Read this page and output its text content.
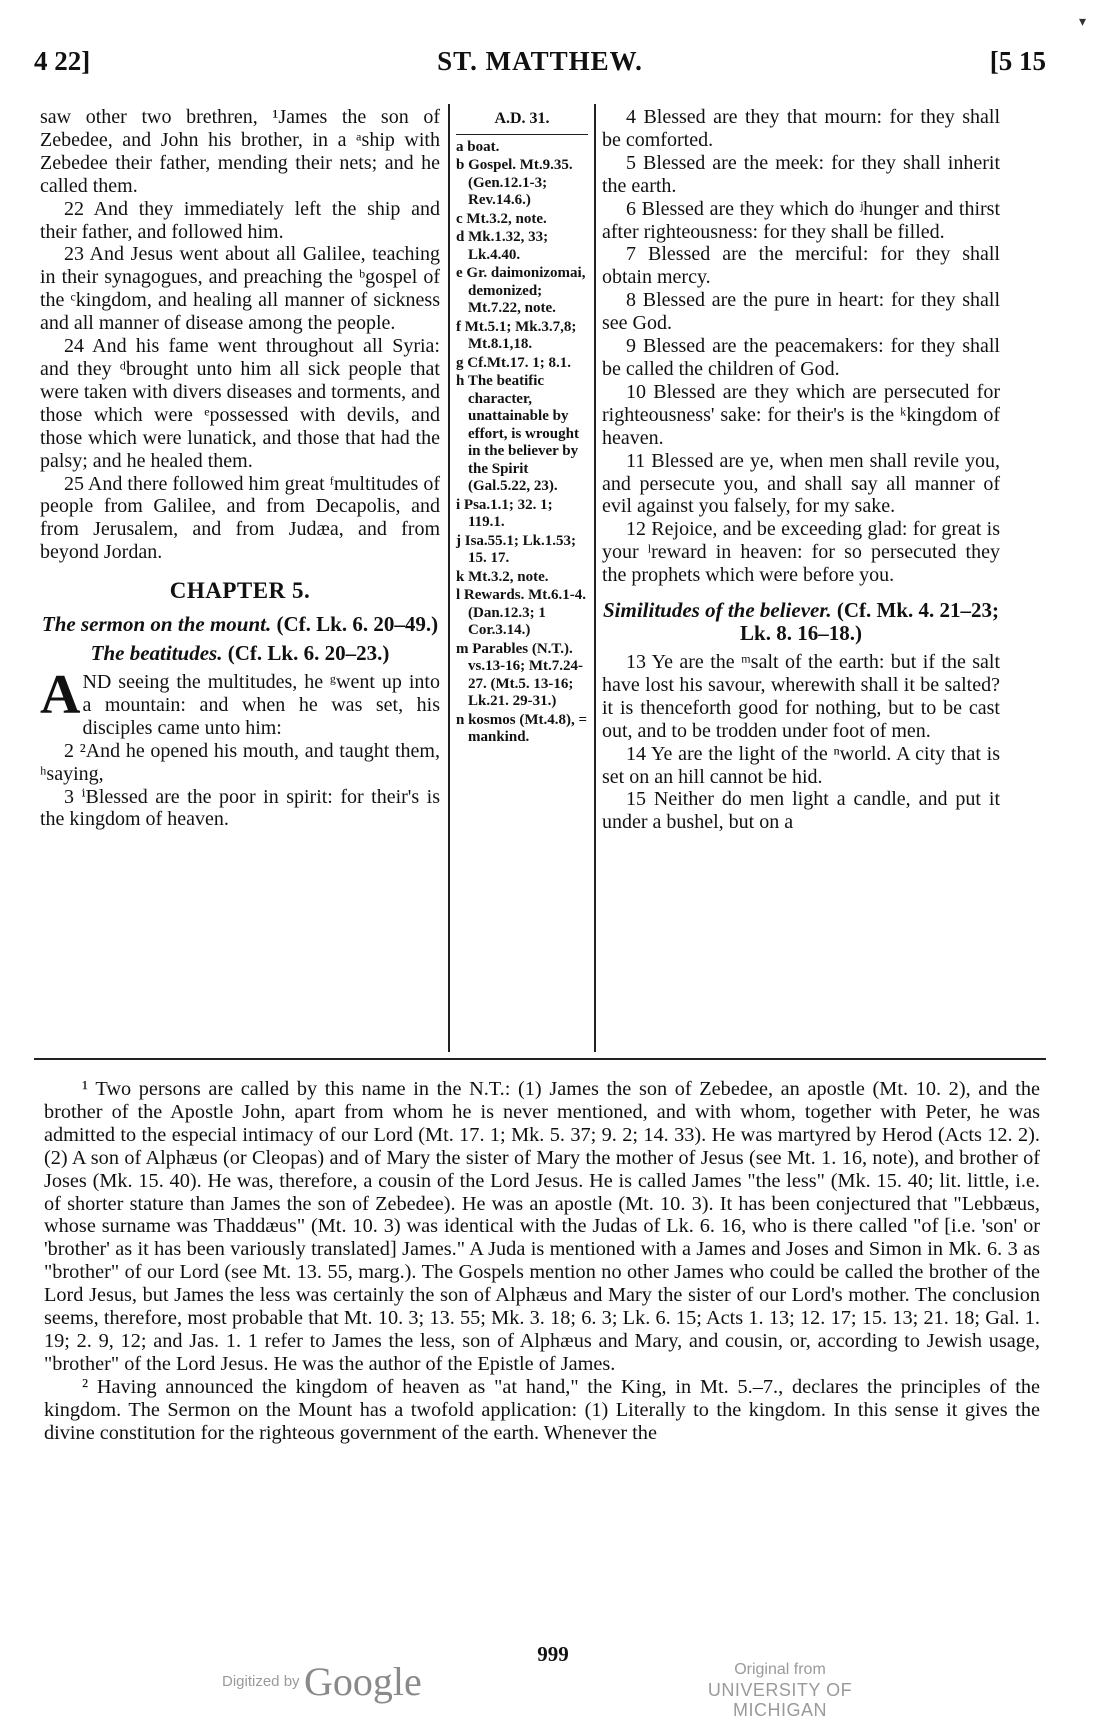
▾
4 22]	ST. MATTHEW.	[5 15

saw other two brethren, ¹James the son of Zebedee, and John his brother, in a ᵃship with Zebedee their father, mending their nets; and he called them.

22 And they immediately left the ship and their father, and followed him.

23 And Jesus went about all Galilee, teaching in their synagogues, and preaching the ᵇgospel of the ᶜkingdom, and healing all manner of sickness and all manner of disease among the people.

24 And his fame went throughout all Syria: and they ᵈbrought unto him all sick people that were taken with divers diseases and torments, and those which were ᵉpossessed with devils, and those which were lunatick, and those that had the palsy; and he healed them.

25 And there followed him great ᶠmultitudes of people from Galilee, and from Decapolis, and from Jerusalem, and from Judæa, and from beyond Jordan.

CHAPTER 5.
The sermon on the mount. (Cf. Lk. 6. 20–49.)
The beatitudes. (Cf. Lk. 6. 20–23.)

AND seeing the multitudes, he ᵍwent up into a mountain: and when he was set, his disciples came unto him:

2 ²And he opened his mouth, and taught them, ʰsaying,

3 ⁱBlessed are the poor in spirit: for their's is the kingdom of heaven.

A.D. 31.
a boat.
b Gospel. Mt.9.35. (Gen.12.1-3; Rev.14.6.)
c Mt.3.2, note.
d Mk.1.32, 33; Lk.4.40.
e Gr. daimonizomai, demonized; Mt.7.22, note.
f Mt.5.1; Mk.3.7,8; Mt.8.1,18.
g Cf.Mt.17. 1; 8.1.
h The beatific character, unattainable by effort, is wrought in the believer by the Spirit (Gal.5.22, 23).
i Psa.1.1; 32. 1; 119.1.
j Isa.55.1; Lk.1.53; 15. 17.
k Mt.3.2, note.
l Rewards. Mt.6.1-4. (Dan.12.3; 1 Cor.3.14.)
m Parables (N.T.). vs.13-16; Mt.7.24-27. (Mt.5. 13-16; Lk.21. 29-31.)
n kosmos (Mt.4.8), = mankind.

4 Blessed are they that mourn: for they shall be comforted.

5 Blessed are the meek: for they shall inherit the earth.

6 Blessed are they which do ʲhunger and thirst after righteousness: for they shall be filled.

7 Blessed are the merciful: for they shall obtain mercy.

8 Blessed are the pure in heart: for they shall see God.

9 Blessed are the peacemakers: for they shall be called the children of God.

10 Blessed are they which are persecuted for righteousness' sake: for their's is the ᵏkingdom of heaven.

11 Blessed are ye, when men shall revile you, and persecute you, and shall say all manner of evil against you falsely, for my sake.

12 Rejoice, and be exceeding glad: for great is your ˡreward in heaven: for so persecuted they the prophets which were before you.

Similitudes of the believer. (Cf. Mk. 4. 21–23; Lk. 8. 16–18.)

13 Ye are the ᵐsalt of the earth: but if the salt have lost his savour, wherewith shall it be salted? it is thenceforth good for nothing, but to be cast out, and to be trodden under foot of men.

14 Ye are the light of the ⁿworld. A city that is set on an hill cannot be hid.

15 Neither do men light a candle, and put it under a bushel, but on a

¹ Two persons are called by this name in the N.T.: (1) James the son of Zebedee, an apostle (Mt. 10. 2), and the brother of the Apostle John, apart from whom he is never mentioned, and with whom, together with Peter, he was admitted to the especial intimacy of our Lord (Mt. 17. 1; Mk. 5. 37; 9. 2; 14. 33). He was martyred by Herod (Acts 12. 2). (2) A son of Alphæus (or Cleopas) and of Mary the sister of Mary the mother of Jesus (see Mt. 1. 16, note), and brother of Joses (Mk. 15. 40). He was, therefore, a cousin of the Lord Jesus. He is called James "the less" (Mk. 15. 40; lit. little, i.e. of shorter stature than James the son of Zebedee). He was an apostle (Mt. 10. 3). It has been conjectured that "Lebbæus, whose surname was Thaddæus" (Mt. 10. 3) was identical with the Judas of Lk. 6. 16, who is there called "of [i.e. 'son' or 'brother' as it has been variously translated] James." A Juda is mentioned with a James and Joses and Simon in Mk. 6. 3 as "brother" of our Lord (see Mt. 13. 55, marg.). The Gospels mention no other James who could be called the brother of the Lord Jesus, but James the less was certainly the son of Alphæus and Mary the sister of our Lord's mother. The conclusion seems, therefore, most probable that Mt. 10. 3; 13. 55; Mk. 3. 18; 6. 3; Lk. 6. 15; Acts 1. 13; 12. 17; 15. 13; 21. 18; Gal. 1. 19; 2. 9, 12; and Jas. 1. 1 refer to James the less, son of Alphæus and Mary, and cousin, or, according to Jewish usage, "brother" of the Lord Jesus. He was the author of the Epistle of James.

² Having announced the kingdom of heaven as "at hand," the King, in Mt. 5.–7., declares the principles of the kingdom. The Sermon on the Mount has a twofold application: (1) Literally to the kingdom. In this sense it gives the divine constitution for the righteous government of the earth. Whenever the

999
Digitized by Google	Original from
UNIVERSITY OF MICHIGAN
